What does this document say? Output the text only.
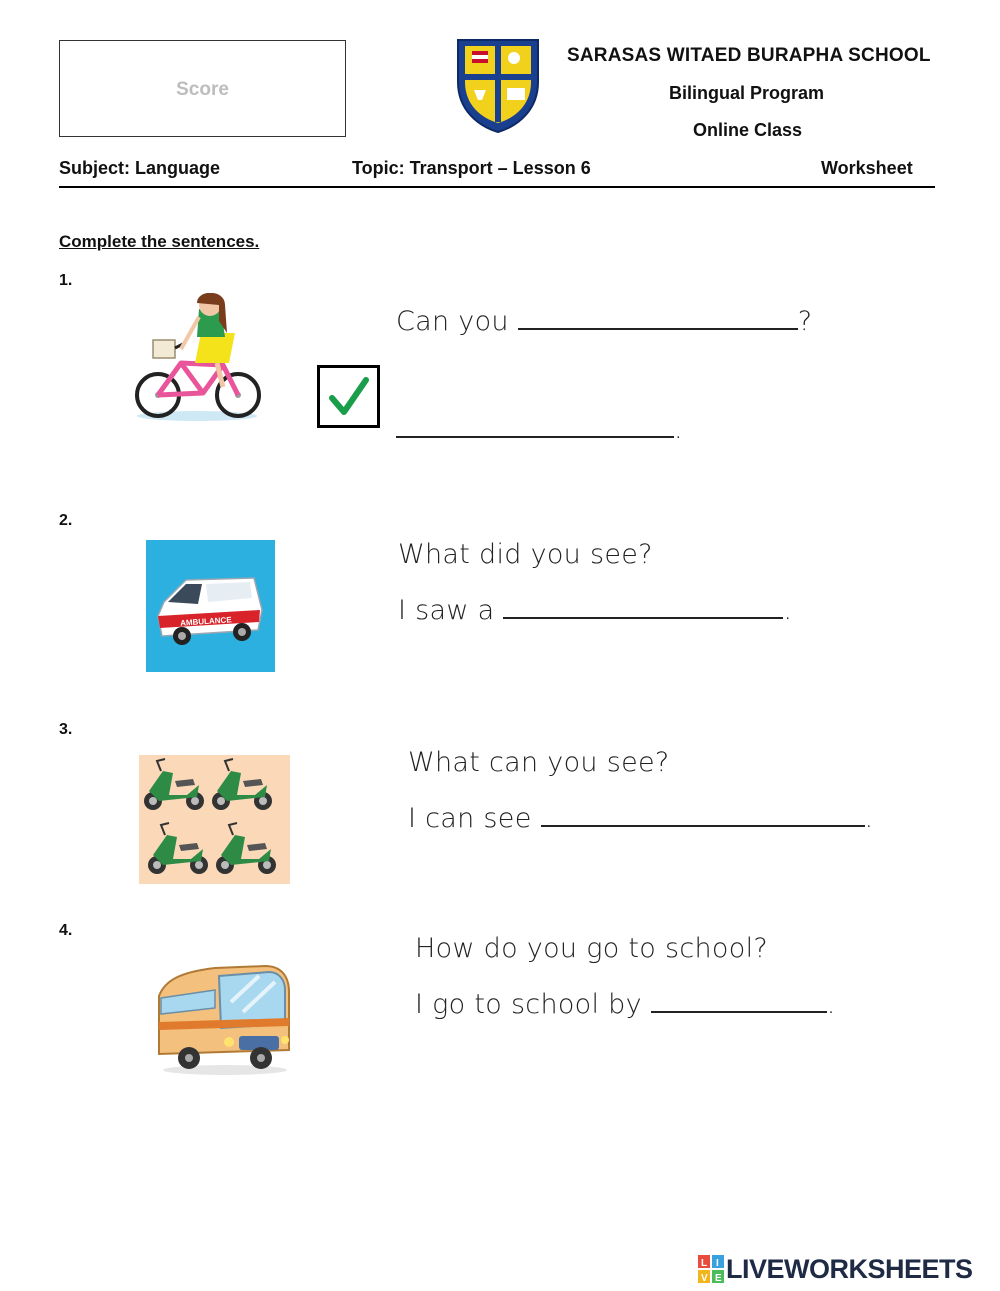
Score
SARASAS WITAED BURAPHA SCHOOL
Bilingual Program
Online Class
Subject: Language	Topic: Transport – Lesson 6	Worksheet
Complete the sentences.
1.
Can you	?
.
2.
AMBULANCE
What did you see?
I saw a	.
3.
What can you see?
I can see	.
4.
How do you go to school?
I go to school by	.
L I
V E LIVEWORKSHEETS
